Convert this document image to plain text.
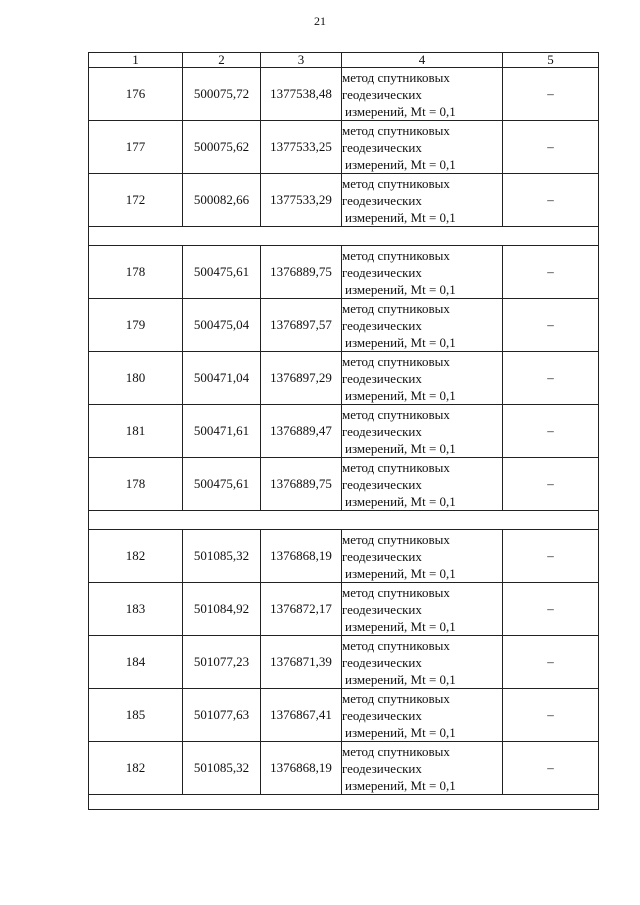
21
1	2	3	4	5
176	500075,72	1377538,48	метод спутниковых
геодезических
измерений, Mt = 0,1	–
177	500075,62	1377533,25	метод спутниковых
геодезических
измерений, Mt = 0,1	–
172	500082,66	1377533,29	метод спутниковых
геодезических
измерений, Mt = 0,1	–

178	500475,61	1376889,75	метод спутниковых
геодезических
измерений, Mt = 0,1	–
179	500475,04	1376897,57	метод спутниковых
геодезических
измерений, Mt = 0,1	–
180	500471,04	1376897,29	метод спутниковых
геодезических
измерений, Mt = 0,1	–
181	500471,61	1376889,47	метод спутниковых
геодезических
измерений, Mt = 0,1	–
178	500475,61	1376889,75	метод спутниковых
геодезических
измерений, Mt = 0,1	–

182	501085,32	1376868,19	метод спутниковых
геодезических
измерений, Mt = 0,1	–
183	501084,92	1376872,17	метод спутниковых
геодезических
измерений, Mt = 0,1	–
184	501077,23	1376871,39	метод спутниковых
геодезических
измерений, Mt = 0,1	–
185	501077,63	1376867,41	метод спутниковых
геодезических
измерений, Mt = 0,1	–
182	501085,32	1376868,19	метод спутниковых
геодезических
измерений, Mt = 0,1	–
